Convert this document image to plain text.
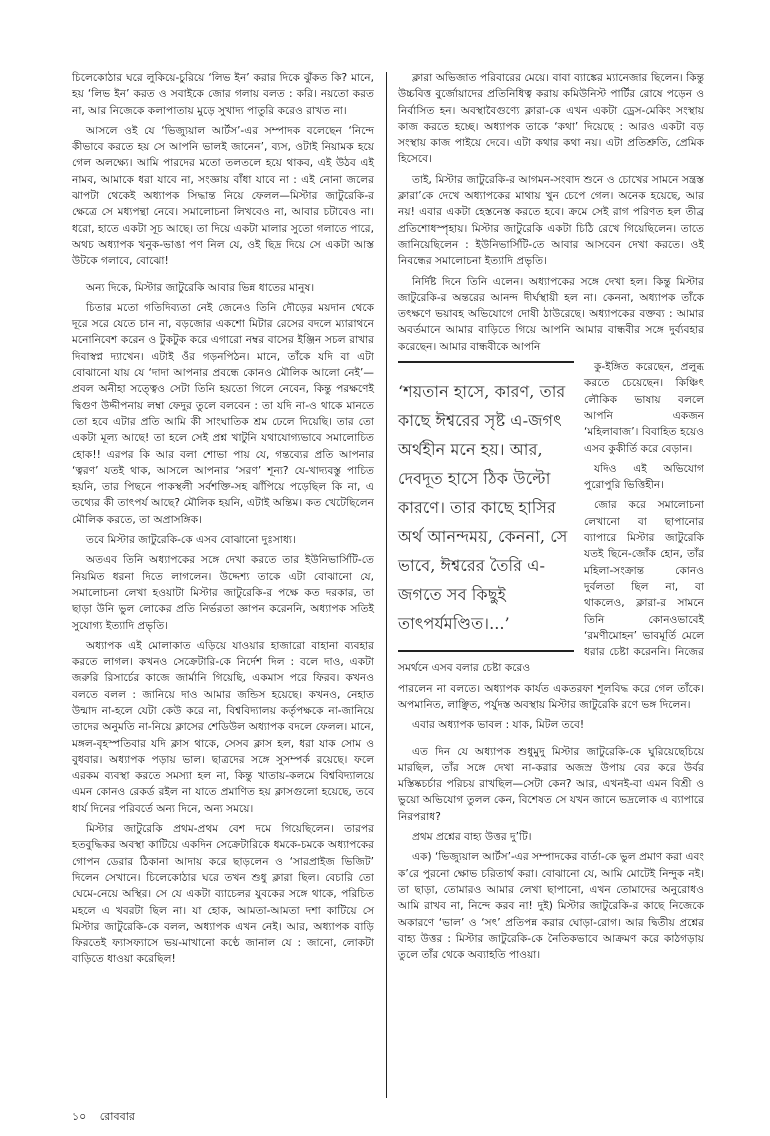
চিলেকোঠার ঘরে লুকিয়ে-চুরিয়ে ‘লিভ ইন’ করার দিকে ঝুঁকত কি? মানে, হয় ‘লিভ ইন’ করত ও সবাইকে জোর গলায় বলত : করি। নয়তো করত না, আর নিজেকে কলাপাতায় মুড়ে সুখাদ্য পাতুরি করেও রাখত না।

আসলে ওই যে ‘ভিজ্যুয়াল আর্টস’-এর সম্পাদক বলেছেন ‘নিন্দে কীভাবে করতে হয় সে আপনি ভালই জানেন’, ব্যস, ওটাই নিয়ামক হয়ে গেল অলক্ষ্যে। আমি পারদের মতো তলতলে হয়ে থাকব, এই উঠব এই নামব, আমাকে ধরা যাবে না, সংজ্ঞায় বাঁধা যাবে না : এই নোনা জলের ঝাপটা থেকেই অধ্যাপক সিদ্ধান্ত নিয়ে ফেলল—মিস্টার জাটুরেকি-র ক্ষেত্রে সে মধ্যপন্থা নেবে। সমালোচনা লিখবেও না, আবার চটাবেও না। ধরো, হাতে একটা সূচ আছে। তা দিয়ে একটা মালার সুতো গলাতে পারে, অথচ অধ্যাপক খনুক-ভাঙা পণ নিল যে, ওই ছিদ্র দিয়ে সে একটা আস্ত উটকে গলাবে, বোঝো!

অন্য দিকে, মিস্টার জাটুরেকি আবার ভিন্ন ধাতের মানুষ।

চিতার মতো গতিদিব্যতা নেই জেনেও তিনি দৌড়ের ময়দান থেকে দূরে সরে যেতে চান না, বড়জোর একশো মিটার রেসের বদলে ম্যারাথনে মনোনিবেশ করেন ও টুকটুক করে এগারো নম্বর বাসের ইঞ্জিন সচল রাখার দিবাস্বপ্ন দ্যাখেন। এটাই ওঁর গড়নপিঠন। মানে, তাঁকে যদি বা এটা বোঝানো যায় যে ‘দাদা আপনার প্রবন্ধে কোনও মৌলিক আলো নেই’—প্রবল অনীহা সত্ত্বেও সেটা তিনি হয়তো গিলে নেবেন, কিন্তু পরক্ষণেই দ্বিগুণ উদ্দীপনায় লম্বা ফেদুর তুলে বলবেন : তা যদি না-ও থাকে মানতে তো হবে এটার প্রতি আমি কী সাংঘাতিক শ্রম ঢেলে দিয়েছি। তার তো একটা মূল্য আছে! তা হলে সেই প্রশ্ন খাটুনি যথাযোগ্যভাবে সমালোচিত হোক!! এরপর কি আর বলা শোভা পায় যে, গন্তব্যের প্রতি আপনার ‘ত্বরণ’ যতই থাক, আসলে আপনার ‘সরণ’ শূন্য? যে-খাদ্যবস্তু পাচিত হয়নি, তার পিছনে পাকস্থলী সর্বশক্তি-সহ ঝাঁপিয়ে পড়েছিল কি না, এ তথ্যের কী তাৎপর্য আছে? মৌলিক হয়নি, এটাই অন্তিম। কত খেটেছিলেন মৌলিক করতে, তা অপ্রাসঙ্গিক।

তবে মিস্টার জাটুরেকি-কে এসব বোঝানো দুঃসাধ্য।

অতএব তিনি অধ্যাপকের সঙ্গে দেখা করতে তার ইউনিভার্সিটি-তে নিয়মিত ধরনা দিতে লাগলেন। উদ্দেশ্য তাকে এটা বোঝানো যে, সমালোচনা লেখা হওয়াটা মিস্টার জাটুরেকি-র পক্ষে কত দরকার, তা ছাড়া উনি ভুল লোকের প্রতি নির্ভরতা জ্ঞাপন করেননি, অধ্যাপক সতিই সুযোগ্য ইত্যাদি প্রভৃতি।

অধ্যাপক এই মোলাকাত এড়িয়ে যাওয়ার হাজারো বাহানা ব্যবহার করতে লাগল। কখনও সেক্রেটারি-কে নির্দেশ দিল : বলে দাও, একটা জরুরি রিসার্চের কাজে জার্মানি গিয়েছি, একমাস পরে ফিরব। কখনও বলতে বলল : জানিয়ে দাও আমার জন্ডিস হয়েছে। কখনও, নেহাত উন্মাদ না-হলে যেটা কেউ করে না, বিশ্ববিদ্যালয় কর্তৃপক্ষকে না-জানিয়ে তাদের অনুমতি না-নিয়ে ক্লাসের শেডিউল অধ্যাপক বদলে ফেলল। মানে, মঙ্গল-বৃহস্পতিবার যদি ক্লাস থাকে, সেসব ক্লাস হল, ধরা যাক সোম ও বুধবার। অধ্যাপক পড়ায় ভাল। ছাত্রদের সঙ্গে সুসম্পর্ক রয়েছে। ফলে এরকম ব্যবস্থা করতে সমস্যা হল না, কিন্তু খাতায়-কলমে বিশ্ববিদ্যালয়ে এমন কোনও রেকর্ড রইল না যাতে প্রমাণিত হয় ক্লাসগুলো হয়েছে, তবে ধার্য দিনের পরিবর্তে অন্য দিনে, অন্য সময়ে।

মিস্টার জাটুরেকি প্রথম-প্রথম বেশ দমে গিয়েছিলেন। তারপর হতবুদ্ধিকর অবস্থা কাটিয়ে একদিন সেক্রেটারিকে ধমকে-চমকে অধ্যাপকের গোপন ডেরার ঠিকানা আদায় করে ছাড়লেন ও ‘সারপ্রাইজ ভিজিট’ দিলেন সেখানে। চিলেকোঠার ঘরে তখন শুধু ক্লারা ছিল। বেচারি তো ঘেমে-নেয়ে অস্থির। সে যে একটা ব্যাচেলর যুবকের সঙ্গে থাকে, পরিচিত মহলে এ খবরটা ছিল না। যা হোক, আমতা-আমতা দশা কাটিয়ে সে মিস্টার জাটুরেকি-কে বলল, অধ্যাপক এখন নেই। আর, অধ্যাপক বাড়ি ফিরতেই ফ্যাসফ্যাসে ভয়-মাখানো কণ্ঠে জানাল যে : জানো, লোকটা বাড়িতে ধাওয়া করেছিল!

ক্লারা অভিজাত পরিবারের মেয়ে। বাবা ব্যাঙ্কের ম্যানেজার ছিলেন। কিন্তু উচ্চবিত্ত বুর্জোয়াদের প্রতিনিধিত্ব করায় কমিউনিস্ট পার্টির রোষে পড়েন ও নির্বাসিত হন। অবস্থাবৈগুণ্যে ক্লারা-কে এখন একটা ড্রেস-মেকিং সংস্থায় কাজ করতে হচ্ছে। অধ্যাপক তাকে ‘কথা’ দিয়েছে : আরও একটা বড় সংস্থায় কাজ পাইয়ে দেবে। এটা কথার কথা নয়। এটা প্রতিশ্রুতি, প্রেমিক হিসেবে।

তাই, মিস্টার জাটুরেকি-র আগমন-সংবাদ শুনে ও চোখের সামনে সন্ত্রস্ত ক্লারা’কে দেখে অধ্যাপকের মাথায় খুন চেপে গেল। অনেক হয়েছে, আর নয়! এবার একটা হেস্তনেস্ত করতে হবে। ক্রমে সেই রাগ পরিণত হল তীব্র প্রতিশোধস্পৃহায়। মিস্টার জাটুরেকি একটা চিঠি রেখে গিয়েছিলেন। তাতে জানিয়েছিলেন : ইউনিভার্সিটি-তে আবার আসবেন দেখা করতে। ওই নিবন্ধের সমালোচনা ইত্যাদি প্রভৃতি।

নির্দিষ্ট দিনে তিনি এলেন। অধ্যাপকের সঙ্গে দেখা হল। কিন্তু মিস্টার জাটুরেকি-র অন্তরের আনন্দ দীর্ঘস্থায়ী হল না। কেননা, অধ্যাপক তাঁকে তৎক্ষণে ভয়াবহ অভিযোগে দোষী ঠাউরেছে। অধ্যাপকের বক্তব্য : আমার অবর্তমানে আমার বাড়িতে গিয়ে আপনি আমার বান্ধবীর সঙ্গে দুর্ব্যবহার করেছেন। আমার বান্ধবীকে আপনি

‘শয়তান হাসে, কারণ, তার কাছে ঈশ্বরের সৃষ্ট এ-জগৎ অর্থহীন মনে হয়। আর, দেবদূত হাসে ঠিক উল্টো কারণে। তার কাছে হাসির অর্থ আনন্দময়, কেননা, সে ভাবে, ঈশ্বরের তৈরি এ-জগতে সব কিছুই তাৎপর্যমণ্ডিত।...’

কু-ইঙ্গিত করেছেন, প্রলুব্ধ করতে চেয়েছেন। কিঞ্চিৎ লৌকিক ভাষায় বললে আপনি একজন ‘মহিলাবাজ’। বিবাহিত হয়েও এসব কুকীর্তি করে বেড়ান।

যদিও এই অভিযোগ পুরোপুরি ভিত্তিহীন।

জোর করে সমালোচনা লেখানো বা ছাপানোর ব্যাপারে মিস্টার জাটুরেকি যতই ছিনে-জোঁক হোন, তাঁর মহিলা-সংক্রান্ত কোনও দুর্বলতা ছিল না, বা থাকলেও, ক্লারা-র সামনে তিনি কোনওভাবেই ‘রমণীমোহন’ ভাবমূর্তি মেলে ধরার চেষ্টা করেননি। নিজের সমর্থনে এসব বলার চেষ্টা করেও

পারলেন না বলতে। অধ্যাপক কার্যত একতরফা শূলবিদ্ধ করে গেল তাঁকে। অপমানিত, লাঞ্ছিত, পর্যুদস্ত অবস্থায় মিস্টার জাটুরেকি রণে ভঙ্গ দিলেন।

এবার অধ্যাপক ভাবল : যাক, মিটল তবে!

এত দিন যে অধ্যাপক শুধুমুদু মিস্টার জাটুরেকি-কে ঘুরিয়েছেচিয়ে মারছিল, তাঁর সঙ্গে দেখা না-করার অজস্র উপায় বের করে উর্বর মস্তিষ্কচর্চার পরিচয় রাখছিল—সেটা কেন? আর, এখনই-বা এমন বিশ্রী ও ভুয়ো অভিযোগ তুলল কেন, বিশেষত সে যখন জানে ভদ্রলোক এ ব্যাপারে নিরপরাধ?

প্রথম প্রশ্নের বাহ্য উত্তর দু’টি।

এক) ‘ভিজ্যুয়াল আর্টস’-এর সম্পাদকের বার্তা-কে ভুল প্রমাণ করা এবং ক’রে পুরনো ক্ষোভ চরিতার্থ করা। বোঝানো যে, আমি মোটেই নিন্দুক নই। তা ছাড়া, তোমারও আমার লেখা ছাপানো, এখন তোমাদের অনুরোধও আমি রাখব না, নিন্দে করব না! দুই) মিস্টার জাটুরেকি-র কাছে নিজেকে অকারণে ‘ভাল’ ও ‘সৎ’ প্রতিপন্ন করার ঘোড়া-রোগ। আর দ্বিতীয় প্রশ্নের বাহ্য উত্তর : মিস্টার জাটুরেকি-কে নৈতিকভাবে আক্রমণ করে কাঠগড়ায় তুলে তাঁর থেকে অব্যাহতি পাওয়া।

১০ রোববার
